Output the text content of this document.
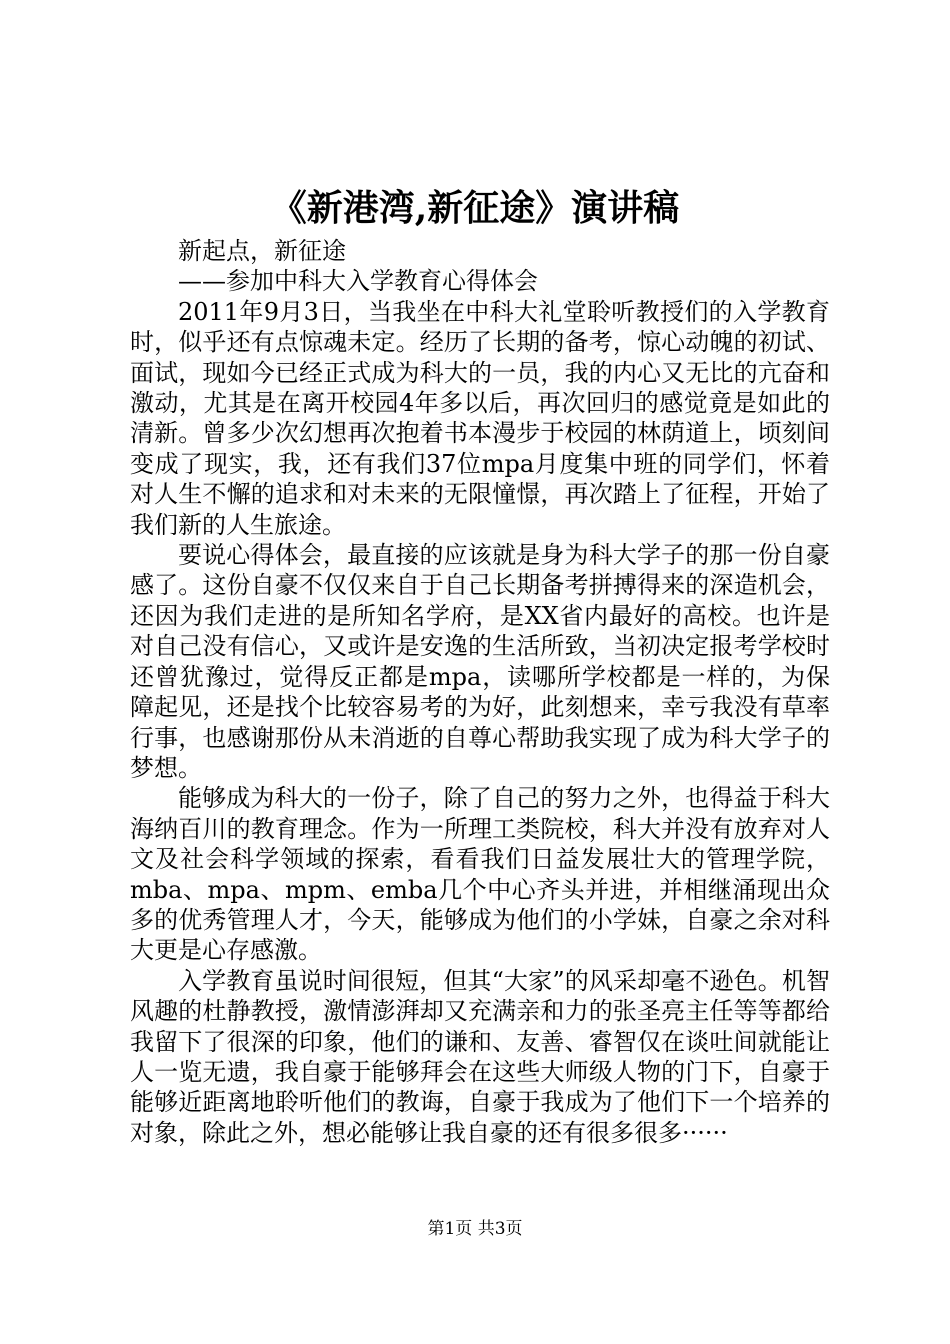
《新港湾,新征途》演讲稿

新起点，新征途

——参加中科大入学教育心得体会

2011年9月3日，当我坐在中科大礼堂聆听教授们的入学教育时，似乎还有点惊魂未定。经历了长期的备考，惊心动魄的初试、面试，现如今已经正式成为科大的一员，我的内心又无比的亢奋和激动，尤其是在离开校园4年多以后，再次回归的感觉竟是如此的清新。曾多少次幻想再次抱着书本漫步于校园的林荫道上，顷刻间变成了现实，我，还有我们37位mpa月度集中班的同学们，怀着对人生不懈的追求和对未来的无限憧憬，再次踏上了征程，开始了我们新的人生旅途。

要说心得体会，最直接的应该就是身为科大学子的那一份自豪感了。这份自豪不仅仅来自于自己长期备考拼搏得来的深造机会，还因为我们走进的是所知名学府，是XX省内最好的高校。也许是对自己没有信心，又或许是安逸的生活所致，当初决定报考学校时还曾犹豫过，觉得反正都是mpa，读哪所学校都是一样的，为保障起见，还是找个比较容易考的为好，此刻想来，幸亏我没有草率行事，也感谢那份从未消逝的自尊心帮助我实现了成为科大学子的梦想。

能够成为科大的一份子，除了自己的努力之外，也得益于科大海纳百川的教育理念。作为一所理工类院校，科大并没有放弃对人文及社会科学领域的探索，看看我们日益发展壮大的管理学院，mba、mpa、mpm、emba几个中心齐头并进，并相继涌现出众多的优秀管理人才，今天，能够成为他们的小学妹，自豪之余对科大更是心存感激。

入学教育虽说时间很短，但其“大家”的风采却毫不逊色。机智风趣的杜静教授，激情澎湃却又充满亲和力的张圣亮主任等等都给我留下了很深的印象，他们的谦和、友善、睿智仅在谈吐间就能让人一览无遗，我自豪于能够拜会在这些大师级人物的门下，自豪于能够近距离地聆听他们的教诲，自豪于我成为了他们下一个培养的对象，除此之外，想必能够让我自豪的还有很多很多······

第1页 共3页
